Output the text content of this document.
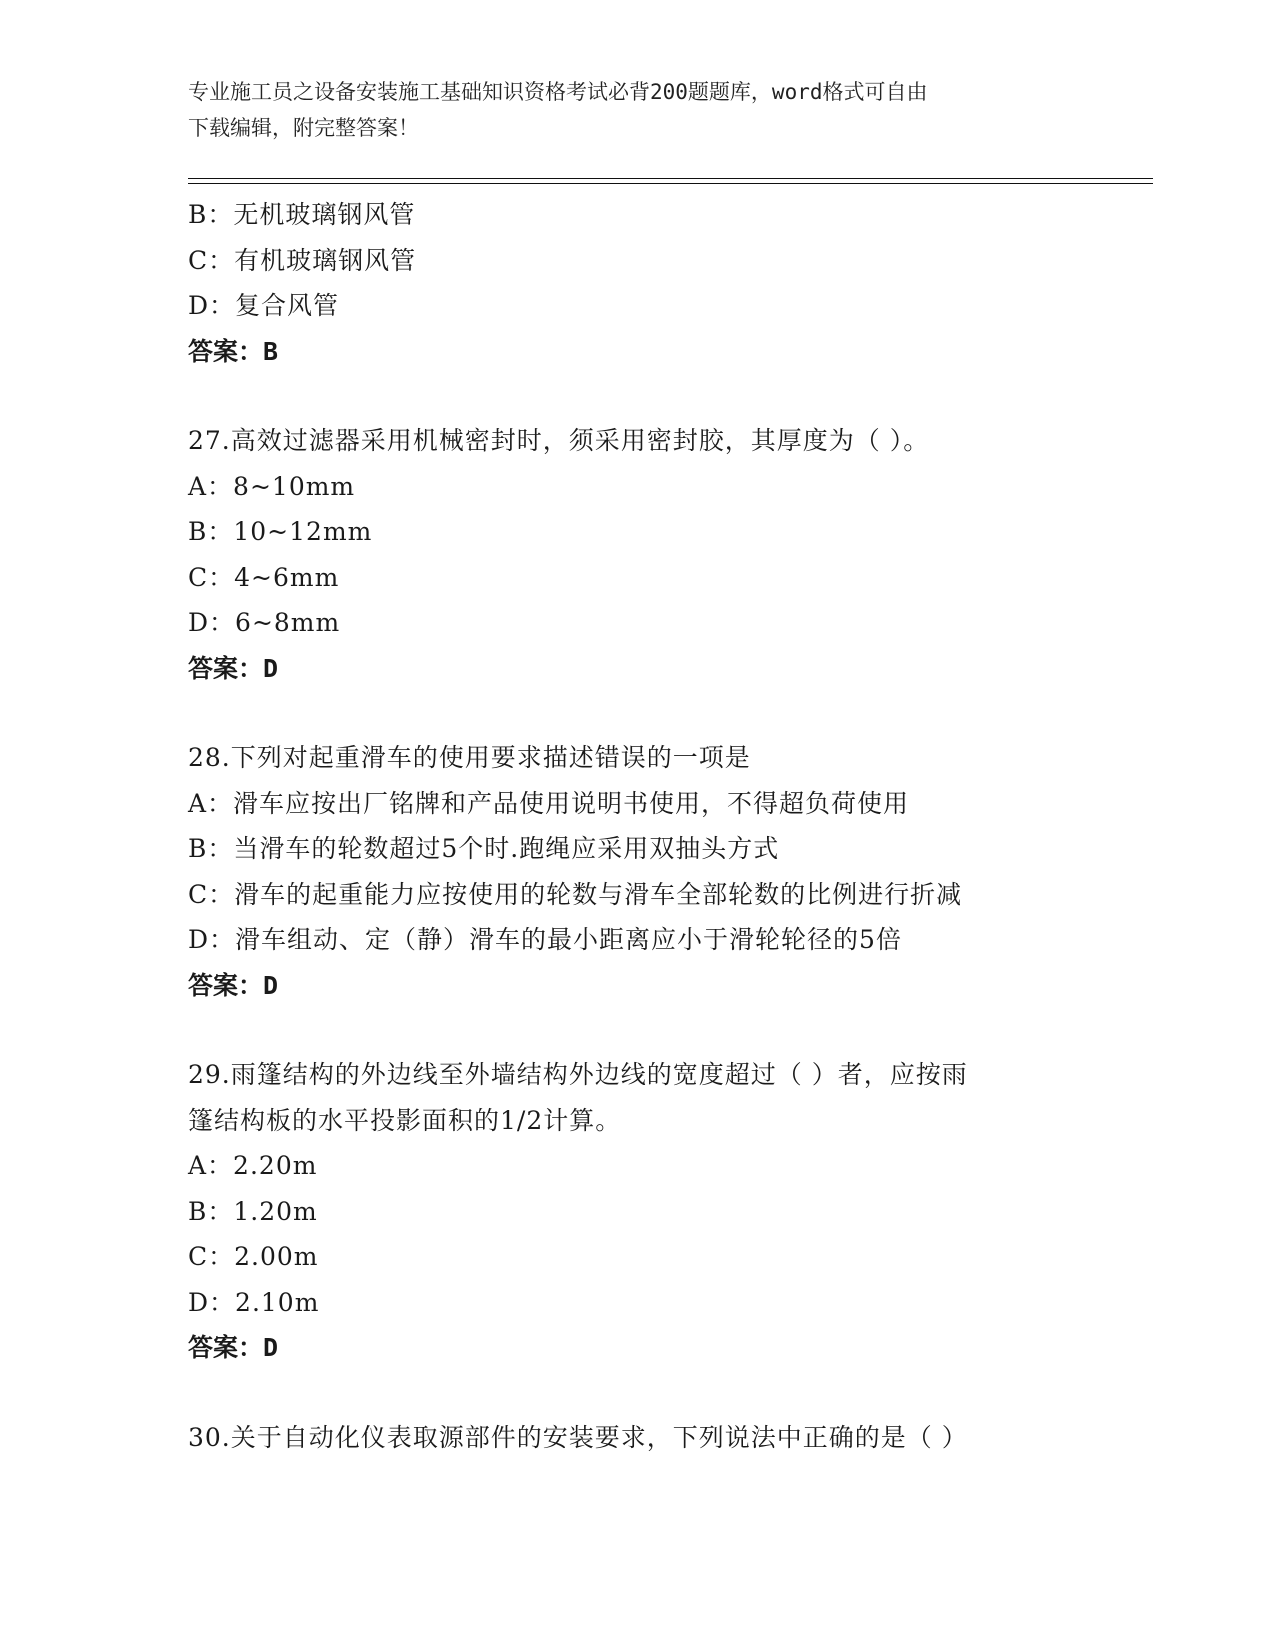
专业施工员之设备安装施工基础知识资格考试必背200题题库，word格式可自由
下载编辑，附完整答案！
B：无机玻璃钢风管
C：有机玻璃钢风管
D：复合风管
答案：B
27.高效过滤器采用机械密封时，须采用密封胶，其厚度为（ ）。
A：8~10mm
B：10~12mm
C：4~6mm
D：6~8mm
答案：D
28.下列对起重滑车的使用要求描述错误的一项是
A：滑车应按出厂铭牌和产品使用说明书使用，不得超负荷使用
B：当滑车的轮数超过5个时.跑绳应采用双抽头方式
C：滑车的起重能力应按使用的轮数与滑车全部轮数的比例进行折减
D：滑车组动、定（静）滑车的最小距离应小于滑轮轮径的5倍
答案：D
29.雨篷结构的外边线至外墙结构外边线的宽度超过（ ）者，应按雨
篷结构板的水平投影面积的1/2计算。
A：2.20m
B：1.20m
C：2.00m
D：2.10m
答案：D
30.关于自动化仪表取源部件的安装要求，下列说法中正确的是（ ）
